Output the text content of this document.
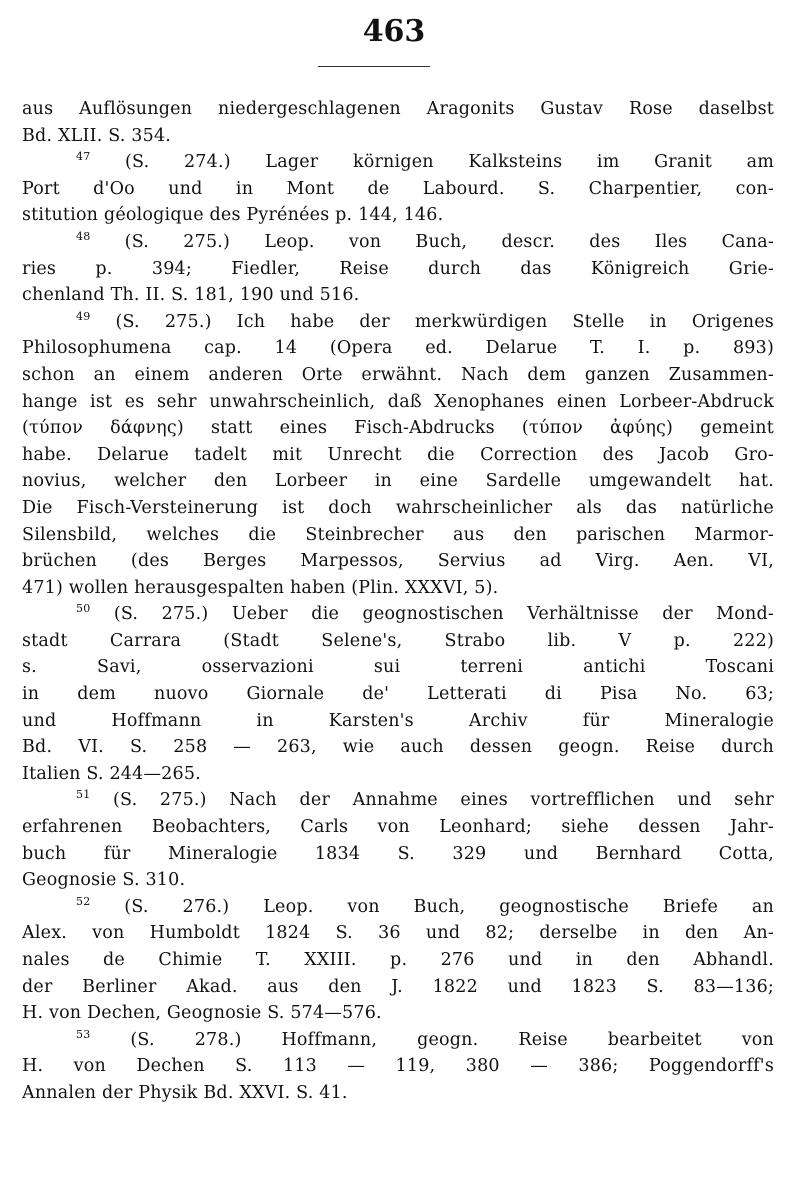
463
aus Auflösungen niedergeschlagenen Aragonits Gustav Rose daselbst
Bd. XLII. S. 354.
$^{47}$ (S. 274.) Lager körnigen Kalksteins im Granit am
Port d'Oo und in Mont de Labourd. S. Charpentier, con-
stitution géologique des Pyrénées p. 144, 146.
$^{48}$ (S. 275.) Leop. von Buch, descr. des Iles Cana-
ries p. 394; Fiedler, Reise durch das Königreich Grie-
chenland Th. II. S. 181, 190 und 516.
$^{49}$ (S. 275.) Ich habe der merkwürdigen Stelle in Origenes
Philosophumena cap. 14 (Opera ed. Delarue T. I. p. 893)
schon an einem anderen Orte erwähnt. Nach dem ganzen Zusammen-
hange ist es sehr unwahrscheinlich, daß Xenophanes einen Lorbeer-Abdruck
(τύπον δάφνης) statt eines Fisch-Abdrucks (τύπον ἀφύης) gemeint
habe. Delarue tadelt mit Unrecht die Correction des Jacob Gro-
novius, welcher den Lorbeer in eine Sardelle umgewandelt hat.
Die Fisch-Versteinerung ist doch wahrscheinlicher als das natürliche
Silensbild, welches die Steinbrecher aus den parischen Marmor-
brüchen (des Berges Marpessos, Servius ad Virg. Aen. VI,
471) wollen herausgespalten haben (Plin. XXXVI, 5).
$^{50}$ (S. 275.) Ueber die geognostischen Verhältnisse der Mond-
stadt Carrara (Stadt Selene's, Strabo lib. V p. 222)
s. Savi, osservazioni sui terreni antichi Toscani
in dem nuovo Giornale de' Letterati di Pisa No. 63;
und Hoffmann in Karsten's Archiv für Mineralogie
Bd. VI. S. 258 — 263, wie auch dessen geogn. Reise durch
Italien S. 244—265.
$^{51}$ (S. 275.) Nach der Annahme eines vortrefflichen und sehr
erfahrenen Beobachters, Carls von Leonhard; siehe dessen Jahr-
buch für Mineralogie 1834 S. 329 und Bernhard Cotta,
Geognosie S. 310.
$^{52}$ (S. 276.) Leop. von Buch, geognostische Briefe an
Alex. von Humboldt 1824 S. 36 und 82; derselbe in den An-
nales de Chimie T. XXIII. p. 276 und in den Abhandl.
der Berliner Akad. aus den J. 1822 und 1823 S. 83—136;
H. von Dechen, Geognosie S. 574—576.
$^{53}$ (S. 278.) Hoffmann, geogn. Reise bearbeitet von
H. von Dechen S. 113 — 119, 380 — 386; Poggendorff's
Annalen der Physik Bd. XXVI. S. 41.
